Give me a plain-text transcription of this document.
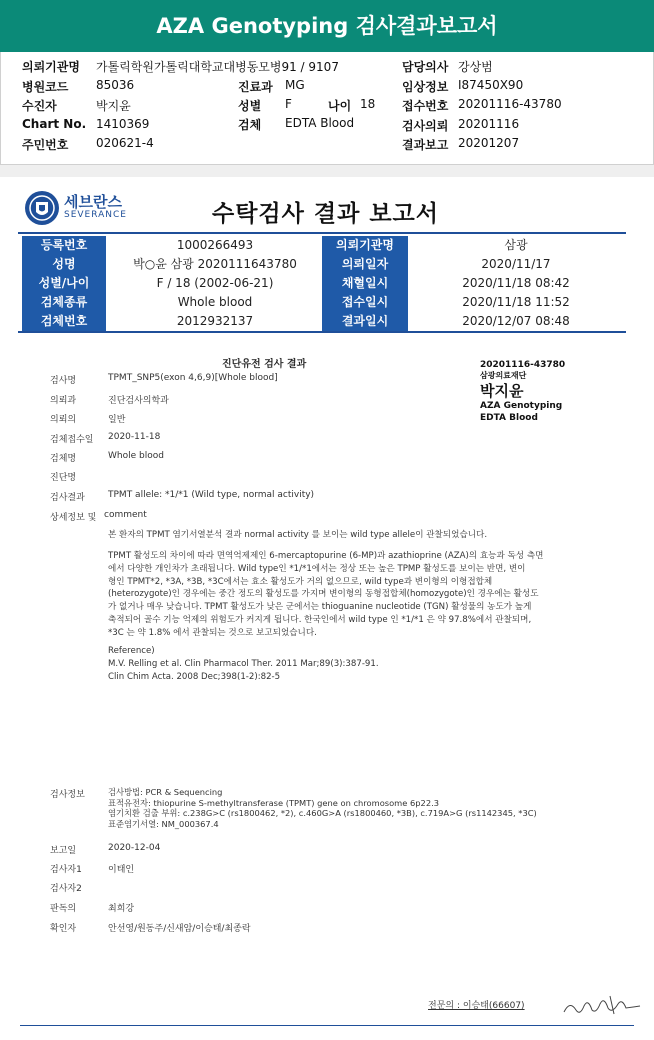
AZA Genotyping 검사결과보고서
의뢰기관명 가톨릭학원가톨릭대학교대병동모병91 / 9107	담당의사 강상범
병원코드 85036	진료과 MG	임상정보 I87450X90
수진자	박지윤	성별 F	나이 18 접수번호 20201116-43780
Chart No. 1410369	검체 EDTA Blood	검사의뢰 20201116
주민번호 020621-4	결과보고 20201207
세브란스
SEVERANCE	수탁검사 결과 보고서
등록번호	1000266493	의뢰기관명	삼광
성명	박○윤 삼광 2020111643780	의뢰일자	2020/11/17
성별/나이	F / 18 (2002-06-21)	채혈일시	2020/11/18 08:42
검체종류	Whole blood	접수일시	2020/11/18 11:52
검체번호	2012932137	결과일시	2020/12/07 08:48
진단유전 검사 결과	20201116-43780
삼광의료재단
박지윤
AZA Genotyping
EDTA Blood
검사명	TPMT_SNP5(exon 4,6,9)[Whole blood]
의뢰과	진단검사의학과
의뢰의	일반
검체접수일 2020-11-18
검체명	Whole blood
진단명
검사결과	TPMT allele: *1/*1 (Wild type, normal activity)
상세정보 및 comment
본 환자의 TPMT 염기서열분석 결과 normal activity 를 보이는 wild type allele이 관찰되었습니다.
TPMT 활성도의 차이에 따라 면역억제제인 6-mercaptopurine (6-MP)과 azathioprine (AZA)의 효능과 독성 측면
에서 다양한 개인차가 초래됩니다. Wild type인 *1/*1에서는 정상 또는 높은 TPMP 활성도를 보이는 반면, 변이
형인 TPMT*2, *3A, *3B, *3C에서는 효소 활성도가 거의 없으므로, wild type과 변이형의 이형접합체
(heterozygote)인 경우에는 중간 정도의 활성도를 가지며 변이형의 동형접합체(homozygote)인 경우에는 활성도
가 없거나 매우 낮습니다. TPMT 활성도가 낮은 군에서는 thioguanine nucleotide (TGN) 활성물의 농도가 높게
축적되어 골수 기능 억제의 위험도가 커지게 됩니다. 한국인에서 wild type 인 *1/*1 은 약 97.8%에서 관찰되며,
*3C 는 약 1.8% 에서 관찰되는 것으로 보고되었습니다.
Reference)
M.V. Relling et al. Clin Pharmacol Ther. 2011 Mar;89(3):387-91.
Clin Chim Acta. 2008 Dec;398(1-2):82-5
검사정보	검사방법: PCR & Sequencing
표적유전자: thiopurine S-methyltransferase (TPMT) gene on chromosome 6p22.3
염기치환 검출 부위: c.238G>C (rs1800462, *2), c.460G>A (rs1800460, *3B), c.719A>G (rs1142345, *3C)
표준염기서열: NM_000367.4
보고일	2020-12-04
검사자1	이태인
검사자2
판독의	최희강
확인자	안선영/원동주/신새암/이승태/최종락
전문의 : 이승태(66607)
